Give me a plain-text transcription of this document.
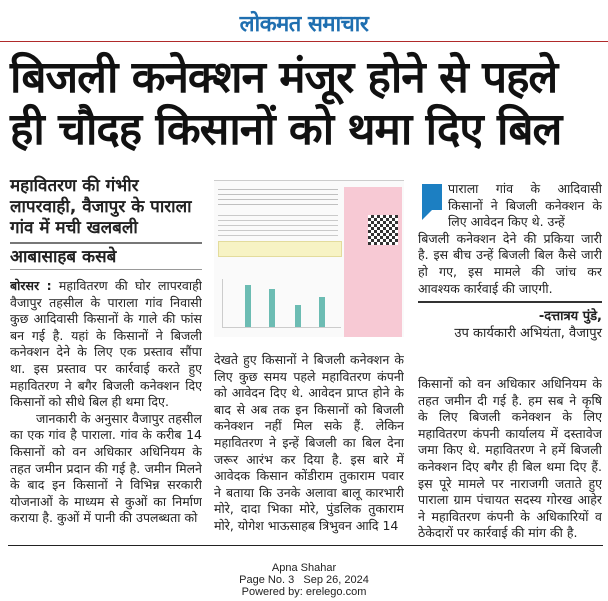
लोकमत समाचार
बिजली कनेक्शन मंजूर होने से पहले
ही चौदह किसानों को थमा दिए बिल
महावितरण की गंभीर
लापरवाही, वैजापुर के पाराला
गांव में मची खलबली
आबासाहब कसबे
बोरसर : महावितरण की घोर लापरवाही
वैजापुर तहसील के पाराला गांव निवासी
कुछ आदिवासी किसानों के गाले की फांस
बन गई है. यहां के किसानों ने बिजली
कनेक्शन देने के लिए एक प्रस्ताव सौंपा
था. इस प्रस्ताव पर कार्रवाई करते हुए
महावितरण ने बगैर बिजली कनेक्शन दिए
किसानों को सीधे बिल ही थमा दिए.
जानकारी के अनुसार वैजापुर तहसील
का एक गांव है पाराला. गांव के करीब 14
किसानों को वन अधिकार अधिनियम के
तहत जमीन प्रदान की गई है. जमीन मिलने
के बाद इन किसानों ने विभिन्न सरकारी
योजनाओं के माध्यम से कुओं का निर्माण
कराया है. कुओं में पानी की उपलब्धता को
देखते हुए किसानों ने बिजली कनेक्शन के
लिए कुछ समय पहले महावितरण कंपनी
को आवेदन दिए थे. आवेदन प्राप्त होने के
बाद से अब तक इन किसानों को बिजली
कनेक्शन नहीं मिल सके हैं. लेकिन
महावितरण ने इन्हें बिजली का बिल देना
जरूर आरंभ कर दिया है. इस बारे में
आवेदक किसान कोंडीराम तुकाराम पवार
ने बताया कि उनके अलावा बालू कारभारी
मोरे, दादा भिका मोरे, पुंडलिक तुकाराम
मोरे, योगेश भाऊसाहब त्रिभुवन आदि 14
पाराला गांव के आदिवासी
किसानों ने बिजली कनेक्शन के
लिए आवेदन किए थे. उन्हें
बिजली कनेक्शन देने की प्रकिया जारी
है. इस बीच उन्हें बिजली बिल कैसे जारी
हो गए, इस मामले की जांच कर
आवश्यक कार्रवाई की जाएगी.
-दत्तात्रय पुंडे,
उप कार्यकारी अभियंता, वैजापुर
किसानों को वन अधिकार अधिनियम के
तहत जमीन दी गई है. हम सब ने कृषि
के लिए बिजली कनेक्शन के लिए
महावितरण कंपनी कार्यालय में दस्तावेज
जमा किए थे. महावितरण ने हमें बिजली
कनेक्शन दिए बगैर ही बिल थमा दिए हैं.
इस पूरे मामले पर नाराजगी जताते हुए
पाराला ग्राम पंचायत सदस्य गोरख आहेर
ने महावितरण कंपनी के अधिकारियों व
ठेकेदारों पर कार्रवाई की मांग की है.
Apna Shahar
Page No. 3 Sep 26, 2024
Powered by: erelego.com
